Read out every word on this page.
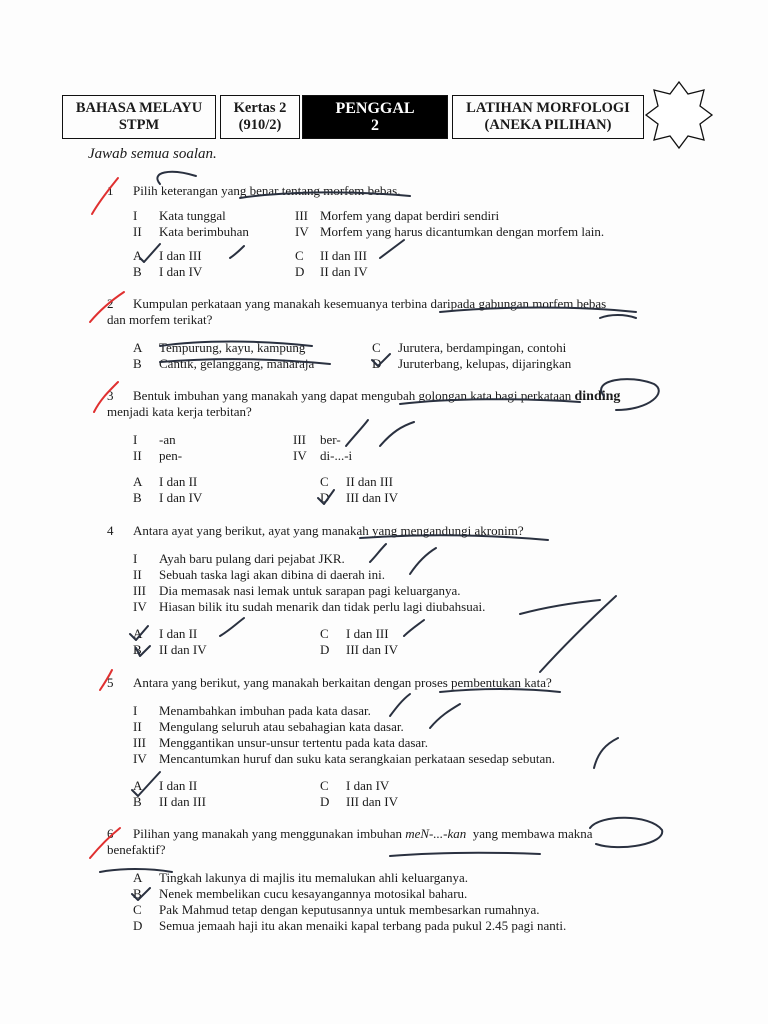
BAHASA MELAYU
STPM
Kertas 2
(910/2)
PENGGAL
2
LATIHAN MORFOLOGI
(ANEKA PILIHAN)
Jawab semua soalan.
1 Pilih keterangan yang benar tentang morfem bebas.
I Kata tunggal
II Kata berimbuhan
III Morfem yang dapat berdiri sendiri
IV Morfem yang harus dicantumkan dengan morfem lain.
A I dan III
B I dan IV
C II dan III
D II dan IV
2 Kumpulan perkataan yang manakah kesemuanya terbina daripada gabungan morfem bebas
dan morfem terikat?
A Tempurung, kayu, kampung
B Cantik, gelanggang, maharaja
C Jurutera, berdampingan, contohi
D Juruterbang, kelupas, dijaringkan
3 Bentuk imbuhan yang manakah yang dapat mengubah golongan kata bagi perkataan dinding
menjadi kata kerja terbitan?
I -an
II pen-
III ber-
IV di-...-i
A I dan II
B I dan IV
C II dan III
D III dan IV
4 Antara ayat yang berikut, ayat yang manakah yang mengandungi akronim?
I Ayah baru pulang dari pejabat JKR.
II Sebuah taska lagi akan dibina di daerah ini.
III Dia memasak nasi lemak untuk sarapan pagi keluarganya.
IV Hiasan bilik itu sudah menarik dan tidak perlu lagi diubahsuai.
A I dan II
B II dan IV
C I dan III
D III dan IV
5 Antara yang berikut, yang manakah berkaitan dengan proses pembentukan kata?
I Menambahkan imbuhan pada kata dasar.
II Mengulang seluruh atau sebahagian kata dasar.
III Menggantikan unsur-unsur tertentu pada kata dasar.
IV Mencantumkan huruf dan suku kata serangkaian perkataan sesedap sebutan.
A I dan II
B II dan III
C I dan IV
D III dan IV
6 Pilihan yang manakah yang menggunakan imbuhan meN-...-kan yang membawa makna
benefaktif?
A Tingkah lakunya di majlis itu memalukan ahli keluarganya.
B Nenek membelikan cucu kesayangannya motosikal baharu.
C Pak Mahmud tetap dengan keputusannya untuk membesarkan rumahnya.
D Semua jemaah haji itu akan menaiki kapal terbang pada pukul 2.45 pagi nanti.
